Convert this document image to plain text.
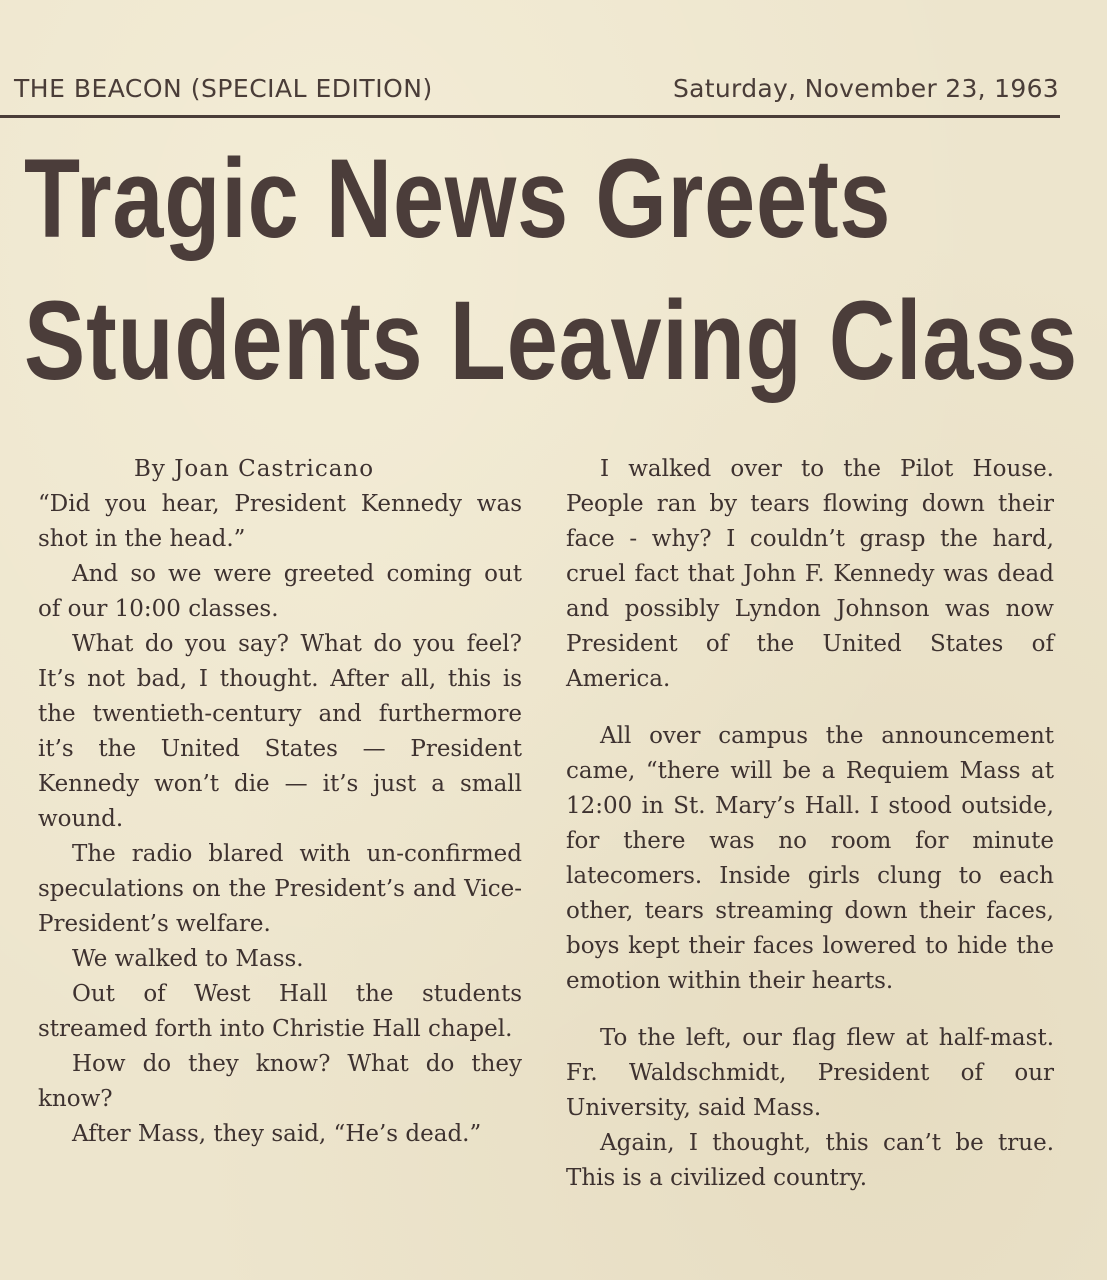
THE BEACON (SPECIAL EDITION)	Saturday, November 23, 1963
Tragic News Greets
Students Leaving Class

By Joan Castricano

“Did you hear, President Kennedy was shot in the head.”

And so we were greeted coming out of our 10:00 classes.

What do you say? What do you feel? It’s not bad, I thought. After all, this is the twentieth-century and furthermore it’s the United States — President Kennedy won’t die — it’s just a small wound.

The radio blared with un-confirmed speculations on the President’s and Vice-President’s welfare.

We walked to Mass.

Out of West Hall the students streamed forth into Christie Hall chapel.

How do they know? What do they know?

After Mass, they said, “He’s dead.”

I walked over to the Pilot House. People ran by tears flowing down their face - why? I couldn’t grasp the hard, cruel fact that John F. Kennedy was dead and possibly Lyndon Johnson was now President of the United States of America.

All over campus the announcement came, “there will be a Requiem Mass at 12:00 in St. Mary’s Hall. I stood outside, for there was no room for minute latecomers. Inside girls clung to each other, tears streaming down their faces, boys kept their faces lowered to hide the emotion within their hearts.

To the left, our flag flew at half-mast. Fr. Waldschmidt, President of our University, said Mass.

Again, I thought, this can’t be true. This is a civilized country.
